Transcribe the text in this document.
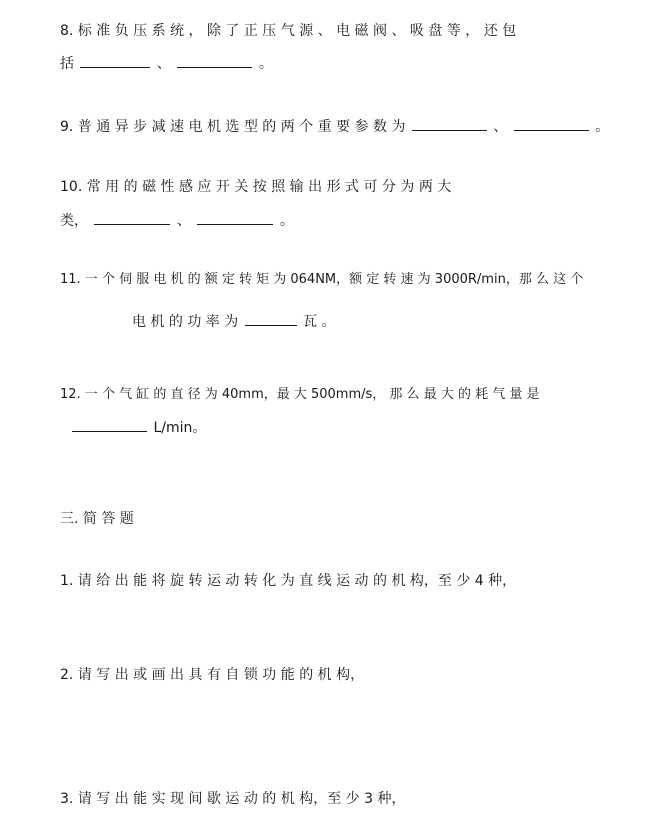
8. 标 准 负 压 系 统 ， 除 了 正 压 气 源 、 电 磁 阀 、 吸 盘 等 ， 还 包
括	、	。
9. 普 通 异 步 减 速 电 机 选 型 的 两 个 重 要 参 数 为	、	。
10. 常 用 的 磁 性 感 应 开 关 按 照 输 出 形 式 可 分 为 两 大
类，	、	。
11. 一 个 伺 服 电 机 的 额 定 转 矩 为 064NM，额 定 转 速 为 3000R/min，那 么 这 个
电 机 的 功 率 为	瓦 。
12. 一 个 气 缸 的 直 径 为 40mm，最 大 500mm/s， 那 么 最 大 的 耗 气 量 是
L/min。
三. 简 答 题
1. 请 给 出 能 将 旋 转 运 动 转 化 为 直 线 运 动 的 机 构，至 少 4 种，
2. 请 写 出 或 画 出 具 有 自 锁 功 能 的 机 构，
3. 请 写 出 能 实 现 间 歇 运 动 的 机 构，至 少 3 种，
